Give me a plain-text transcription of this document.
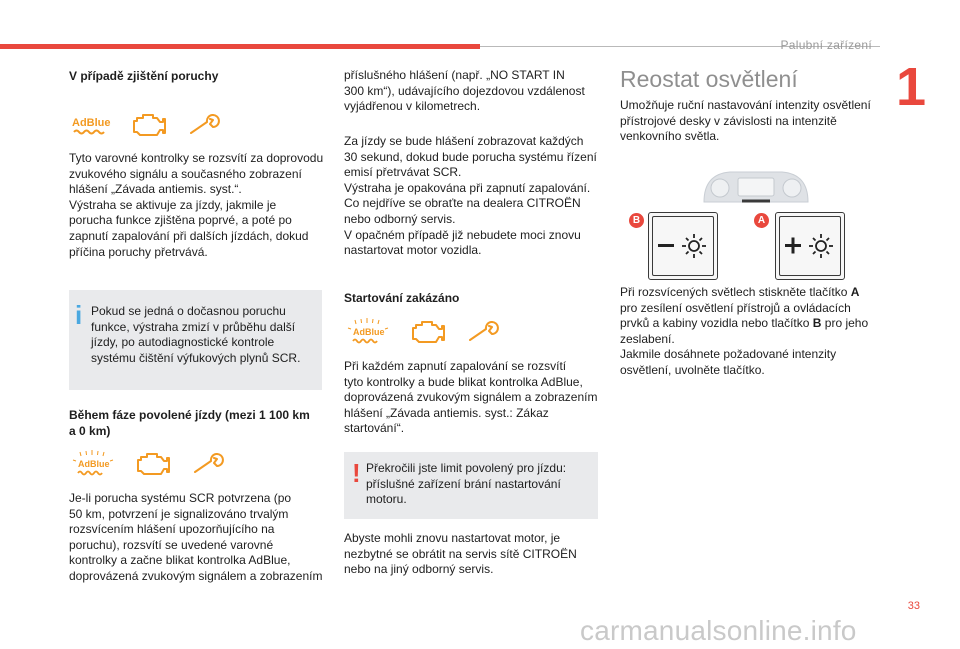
Palubní zařízení
1

V případě zjištění poruchy

AdBlue

Tyto varovné kontrolky se rozsvítí za doprovodu
zvukového signálu a současného zobrazení
hlášení „Závada antiemis. syst.“.
Výstraha se aktivuje za jízdy, jakmile je
porucha funkce zjištěna poprvé, a poté po
zapnutí zapalování při dalších jízdách, dokud
příčina poruchy přetrvává.

i Pokud se jedná o dočasnou poruchu
funkce, výstraha zmizí v průběhu další
jízdy, po autodiagnostické kontrole
systému čištění výfukových plynů SCR.

Během fáze povolené jízdy (mezi 1 100 km
a 0 km)

AdBlue

Je-li porucha systému SCR potvrzena (po
50 km, potvrzení je signalizováno trvalým
rozsvícením hlášení upozorňujícího na
poruchu), rozsvítí se uvedené varovné
kontrolky a začne blikat kontrolka AdBlue,
doprovázená zvukovým signálem a zobrazením

příslušného hlášení (např. „NO START IN
300 km“), udávajícího dojezdovou vzdálenost
vyjádřenou v kilometrech.

Za jízdy se bude hlášení zobrazovat každých
30 sekund, dokud bude porucha systému řízení
emisí přetrvávat SCR.
Výstraha je opakována při zapnutí zapalování.
Co nejdříve se obraťte na dealera CITROËN
nebo odborný servis.
V opačném případě již nebudete moci znovu
nastartovat motor vozidla.

Startování zakázáno

AdBlue

Při každém zapnutí zapalování se rozsvítí
tyto kontrolky a bude blikat kontrolka AdBlue,
doprovázená zvukovým signálem a zobrazením
hlášení „Závada antiemis. syst.: Zákaz
startování“.

! Překročili jste limit povolený pro jízdu:
příslušné zařízení brání nastartování
motoru.

Abyste mohli znovu nastartovat motor, je
nezbytné se obrátit na servis sítě CITROËN
nebo na jiný odborný servis.

Reostat osvětlení

Umožňuje ruční nastavování intenzity osvětlení
přístrojové desky v závislosti na intenzitě
venkovního světla.

B	A

Při rozsvícených světlech stiskněte tlačítko A
pro zesílení osvětlení přístrojů a ovládacích
prvků a kabiny vozidla nebo tlačítko B pro jeho
zeslabení.
Jakmile dosáhnete požadované intenzity
osvětlení, uvolněte tlačítko.

33
carmanualsonline.info
